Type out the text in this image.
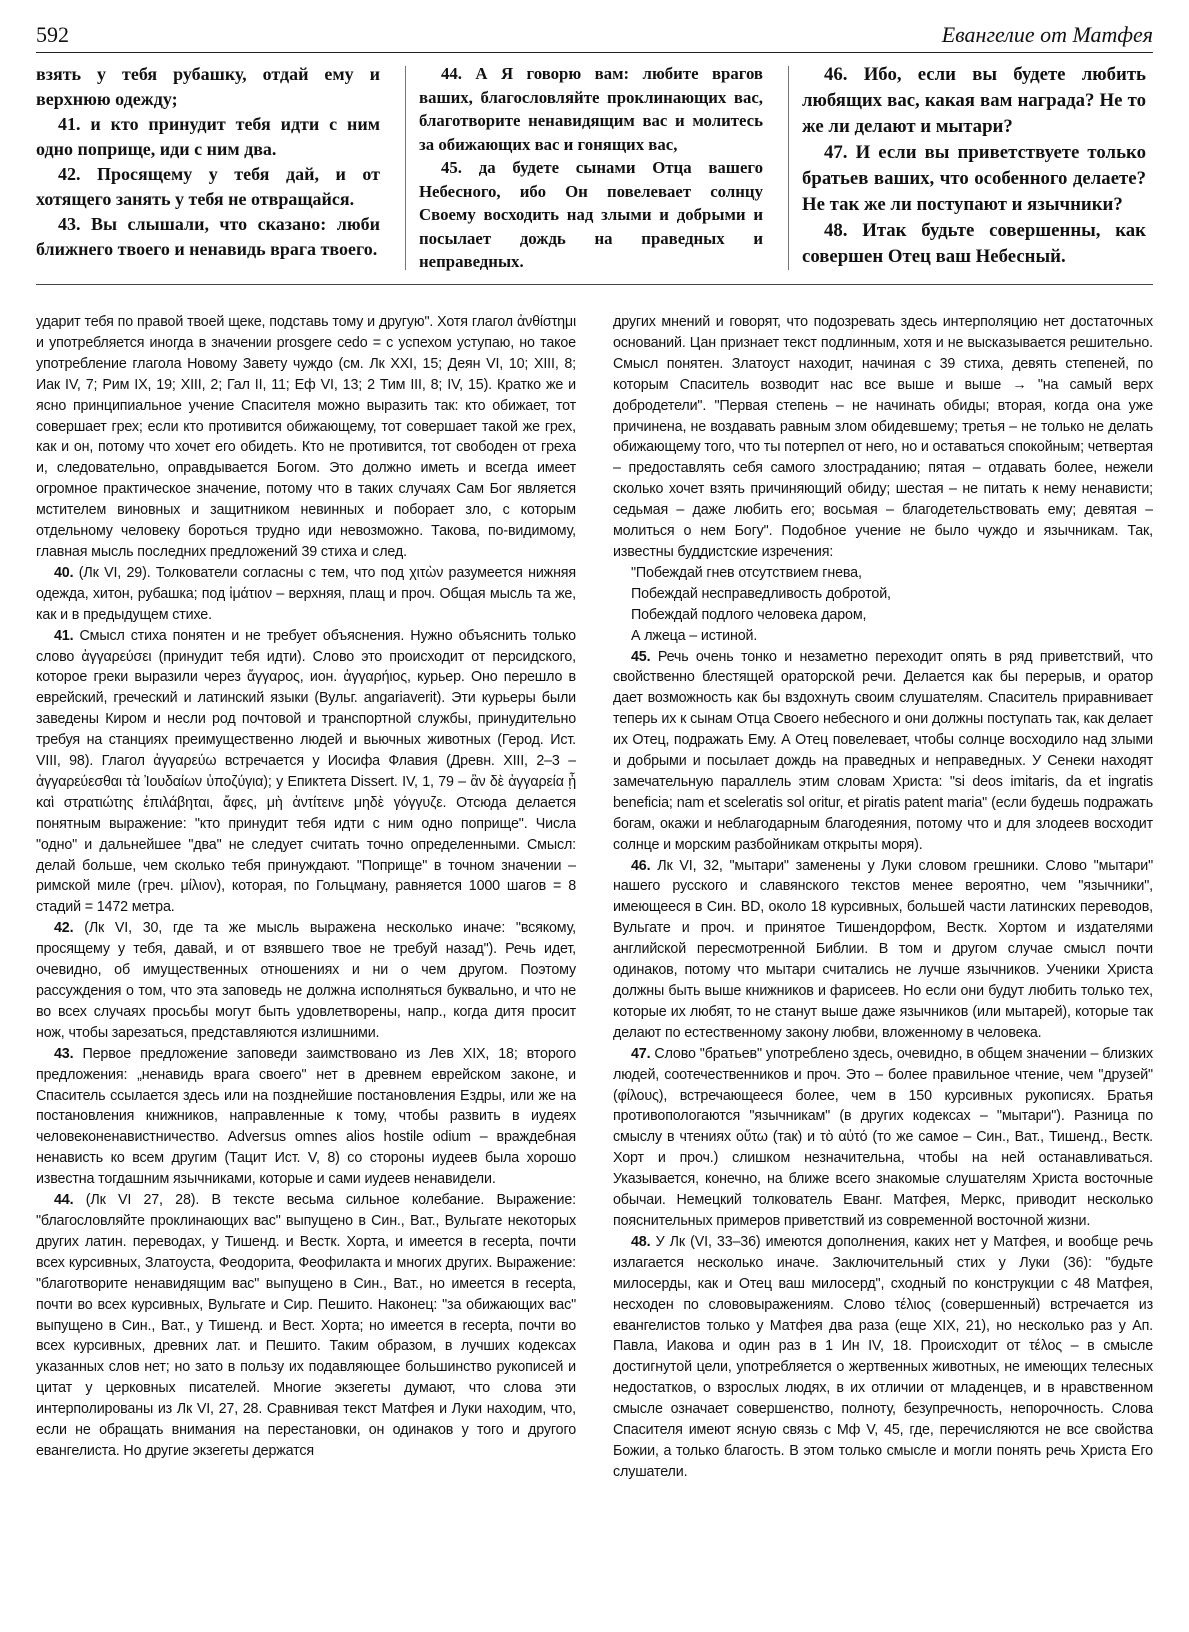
592	Евангелие от Матфея

взять у тебя рубашку, отдай ему и верхнюю одежду;

41. и кто принудит тебя идти с ним одно поприще, иди с ним два.

42. Просящему у тебя дай, и от хотящего занять у тебя не отвращайся.

43. Вы слышали, что сказано: люби ближнего твоего и ненавидь врага твоего.

44. А Я говорю вам: любите врагов ваших, благословляйте проклинающих вас, благотворите ненавидящим вас и молитесь за обижающих вас и гонящих вас,

45. да будете сынами Отца вашего Небесного, ибо Он повелевает солнцу Своему восходить над злыми и добрыми и посылает дождь на праведных и неправедных.

46. Ибо, если вы будете любить любящих вас, какая вам награда? Не то же ли делают и мытари?

47. И если вы приветствуете только братьев ваших, что особенного делаете? Не так же ли поступают и язычники?

48. Итак будьте совершенны, как совершен Отец ваш Небесный.

ударит тебя по правой твоей щеке, подставь тому и другую". Хотя глагол ἀνθίστημι и употребляется иногда в значении prosgere cedo = с успехом уступаю, но такое употребление глагола Новому Завету чуждо (см. Лк XXI, 15; Деян VI, 10; XIII, 8; Иак IV, 7; Рим IX, 19; XIII, 2; Гал II, 11; Еф VI, 13; 2 Тим III, 8; IV, 15). Кратко же и ясно принципиальное учение Спасителя можно выразить так: кто обижает, тот совершает грех; если кто противится обижающему, тот совершает такой же грех, как и он, потому что хочет его обидеть. Кто не противится, тот свободен от греха и, следовательно, оправдывается Богом. Это должно иметь и всегда имеет огромное практическое значение, потому что в таких случаях Сам Бог является мстителем виновных и защитником невинных и поборает зло, с которым отдельному человеку бороться трудно иди невозможно. Такова, по-видимому, главная мысль последних предложений 39 стиха и след.

40. (Лк VI, 29). Толкователи согласны с тем, что под χιτὼν разумеется нижняя одежда, хитон, рубашка; под ἱμάτιον – верхняя, плащ и проч. Общая мысль та же, как и в предыдущем стихе.

41. Смысл стиха понятен и не требует объяснения. Нужно объяснить только слово ἀγγαρεύσει (принудит тебя идти). Слово это происходит от персидского, которое греки выразили через ἄγγαρος, ион. ἀγγαρήιος, курьер. Оно перешло в еврейский, греческий и латинский языки (Вульг. angariaverit). Эти курьеры были заведены Киром и несли род почтовой и транспортной службы, принудительно требуя на станциях преимущественно людей и вьючных животных (Герод. Ист. VIII, 98). Глагол ἀγγαρεύω встречается у Иосифа Флавия (Древн. XIII, 2–3 – ἀγγαρεύεσθαι τὰ Ἰουδαίων ὑποζύγια); у Епиктета Dissert. IV, 1, 79 – ἂν δὲ ἀγγαρεία ᾖ καὶ στρατιώτης ἐπιλάβηται, ἄφες, μὴ ἀντίτεινε μηδὲ γόγγυζε. Отсюда делается понятным выражение: "кто принудит тебя идти с ним одно поприще". Числа "одно" и дальнейшее "два" не следует считать точно определенными. Смысл: делай больше, чем сколько тебя принуждают. "Поприще" в точном значении – римской миле (греч. μίλιον), которая, по Гольцману, равняется 1000 шагов = 8 стадий = 1472 метра.

42. (Лк VI, 30, где та же мысль выражена несколько иначе: "всякому, просящему у тебя, давай, и от взявшего твое не требуй назад"). Речь идет, очевидно, об имущественных отношениях и ни о чем другом. Поэтому рассуждения о том, что эта заповедь не должна исполняться буквально, и что не во всех случаях просьбы могут быть удовлетворены, напр., когда дитя просит нож, чтобы зарезаться, представляются излишними.

43. Первое предложение заповеди заимствовано из Лев XIX, 18; второго предложения: „ненавидь врага своего" нет в древнем еврейском законе, и Спаситель ссылается здесь или на позднейшие постановления Ездры, или же на постановления книжников, направленные к тому, чтобы развить в иудеях человеконенавистничество. Adversus omnes alios hostile odium – враждебная ненависть ко всем другим (Тацит Ист. V, 8) со стороны иудеев была хорошо известна тогдашним язычниками, которые и сами иудеев ненавидели.

44. (Лк VI 27, 28). В тексте весьма сильное колебание. Выражение: "благословляйте проклинающих вас" выпущено в Син., Ват., Вульгате некоторых других латин. переводах, у Тишенд. и Вестк. Хорта, и имеется в recepta, почти всех курсивных, Златоуста, Феодорита, Феофилакта и многих других. Выражение: "благотворите ненавидящим вас" выпущено в Син., Ват., но имеется в recepta, почти во всех курсивных, Вульгате и Сир. Пешито. Наконец: "за обижающих вас" выпущено в Син., Ват., у Тишенд. и Вест. Хорта; но имеется в recepta, почти во всех курсивных, древних лат. и Пешито. Таким образом, в лучших кодексах указанных слов нет; но зато в пользу их подавляющее большинство рукописей и цитат у церковных писателей. Многие экзегеты думают, что слова эти интерполированы из Лк VI, 27, 28. Сравнивая текст Матфея и Луки находим, что, если не обращать внимания на перестановки, он одинаков у того и другого евангелиста. Но другие экзегеты держатся

других мнений и говорят, что подозревать здесь интерполяцию нет достаточных оснований. Цан признает текст подлинным, хотя и не высказывается решительно. Смысл понятен. Златоуст находит, начиная с 39 стиха, девять степеней, по которым Спаситель возводит нас все выше и выше → "на самый верх добродетели". "Первая степень – не начинать обиды; вторая, когда она уже причинена, не воздавать равным злом обидевшему; третья – не только не делать обижающему того, что ты потерпел от него, но и оставаться спокойным; четвертая – предоставлять себя самого злостраданию; пятая – отдавать более, нежели сколько хочет взять причиняющий обиду; шестая – не питать к нему ненависти; седьмая – даже любить его; восьмая – благодетельствовать ему; девятая – молиться о нем Богу". Подобное учение не было чуждо и язычникам. Так, известны буддистские изречения:

"Побеждай гнев отсутствием гнева,

Побеждай несправедливость добротой,

Побеждай подлого человека даром,

А лжеца – истиной.

45. Речь очень тонко и незаметно переходит опять в ряд приветствий, что свойственно блестящей ораторской речи. Делается как бы перерыв, и оратор дает возможность как бы вздохнуть своим слушателям. Спаситель приравнивает теперь их к сынам Отца Своего небесного и они должны поступать так, как делает их Отец, подражать Ему. А Отец повелевает, чтобы солнце восходило над злыми и добрыми и посылает дождь на праведных и неправедных. У Сенеки находят замечательную параллель этим словам Христа: "si deos imitaris, da et ingratis beneficia; nam et sceleratis sol oritur, et piratis patent maria" (если будешь подражать богам, окажи и неблагодарным благодеяния, потому что и для злодеев восходит солнце и морским разбойникам открыты моря).

46. Лк VI, 32, "мытари" заменены у Луки словом грешники. Слово "мытари" нашего русского и славянского текстов менее вероятно, чем "язычники", имеющееся в Син. BD, около 18 курсивных, большей части латинских переводов, Вульгате и проч. и принятое Тишендорфом, Вестк. Хортом и издателями английской пересмотренной Библии. В том и другом случае смысл почти одинаков, потому что мытари считались не лучше язычников. Ученики Христа должны быть выше книжников и фарисеев. Но если они будут любить только тех, которые их любят, то не станут выше даже язычников (или мытарей), которые так делают по естественному закону любви, вложенному в человека.

47. Слово "братьев" употреблено здесь, очевидно, в общем значении – близких людей, соотечественников и проч. Это – более правильное чтение, чем "друзей" (φίλους), встречающееся более, чем в 150 курсивных рукописях. Братья противопологаются "язычникам" (в других кодексах – "мытари"). Разница по смыслу в чтениях οὕτω (так) и τὸ αὐτό (то же самое – Син., Ват., Тишенд., Вестк. Хорт и проч.) слишком незначительна, чтобы на ней останавливаться. Указывается, конечно, на ближе всего знакомые слушателям Христа восточные обычаи. Немецкий толкователь Еванг. Матфея, Меркс, приводит несколько пояснительных примеров приветствий из современной восточной жизни.

48. У Лк (VI, 33–36) имеются дополнения, каких нет у Матфея, и вообще речь излагается несколько иначе. Заключительный стих у Луки (36): "будьте милосерды, как и Отец ваш милосерд", сходный по конструкции с 48 Матфея, несходен по слововыражениям. Слово τέλιος (совершенный) встречается из евангелистов только у Матфея два раза (еще XIX, 21), но несколько раз у Ап. Павла, Иакова и один раз в 1 Ин IV, 18. Происходит от τέλος – в смысле достигнутой цели, употребляется о жертвенных животных, не имеющих телесных недостатков, о взрослых людях, в их отличии от младенцев, и в нравственном смысле означает совершенство, полноту, безупречность, непорочность. Слова Спасителя имеют ясную связь с Мф V, 45, где, перечисляются не все свойства Божии, а только благость. В этом только смысле и могли понять речь Христа Его слушатели.
